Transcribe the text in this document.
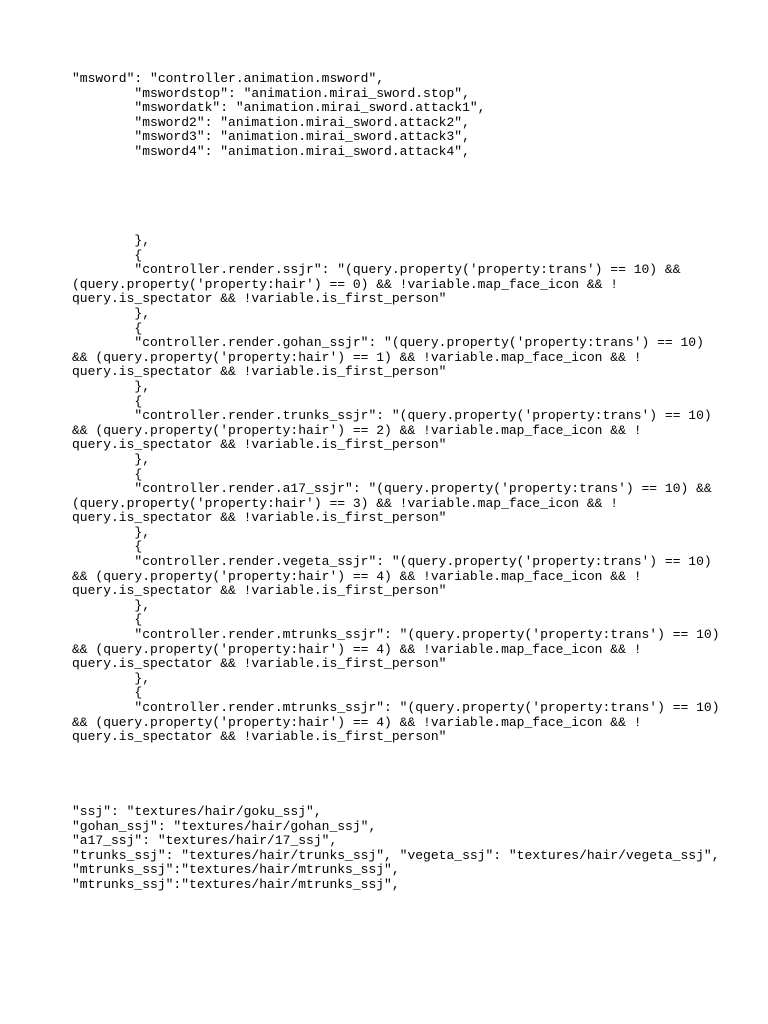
"msword": "controller.animation.msword",
"mswordstop": "animation.mirai_sword.stop",
"mswordatk": "animation.mirai_sword.attack1",
"msword2": "animation.mirai_sword.attack2",
"msword3": "animation.mirai_sword.attack3",
"msword4": "animation.mirai_sword.attack4",
},
{
"controller.render.ssjr": "(query.property('property:trans') == 10) &&
(query.property('property:hair') == 0) && !variable.map_face_icon && !
query.is_spectator && !variable.is_first_person"
},
{
"controller.render.gohan_ssjr": "(query.property('property:trans') == 10)
&& (query.property('property:hair') == 1) && !variable.map_face_icon && !
query.is_spectator && !variable.is_first_person"
},
{
"controller.render.trunks_ssjr": "(query.property('property:trans') == 10)
&& (query.property('property:hair') == 2) && !variable.map_face_icon && !
query.is_spectator && !variable.is_first_person"
},
{
"controller.render.a17_ssjr": "(query.property('property:trans') == 10) &&
(query.property('property:hair') == 3) && !variable.map_face_icon && !
query.is_spectator && !variable.is_first_person"
},
{
"controller.render.vegeta_ssjr": "(query.property('property:trans') == 10)
&& (query.property('property:hair') == 4) && !variable.map_face_icon && !
query.is_spectator && !variable.is_first_person"
},
{
"controller.render.mtrunks_ssjr": "(query.property('property:trans') == 10)
&& (query.property('property:hair') == 4) && !variable.map_face_icon && !
query.is_spectator && !variable.is_first_person"
},
{
"controller.render.mtrunks_ssjr": "(query.property('property:trans') == 10)
&& (query.property('property:hair') == 4) && !variable.map_face_icon && !
query.is_spectator && !variable.is_first_person"
"ssj": "textures/hair/goku_ssj",
"gohan_ssj": "textures/hair/gohan_ssj",
"a17_ssj": "textures/hair/17_ssj",
"trunks_ssj": "textures/hair/trunks_ssj", "vegeta_ssj": "textures/hair/vegeta_ssj",
"mtrunks_ssj":"textures/hair/mtrunks_ssj",
"mtrunks_ssj":"textures/hair/mtrunks_ssj",
